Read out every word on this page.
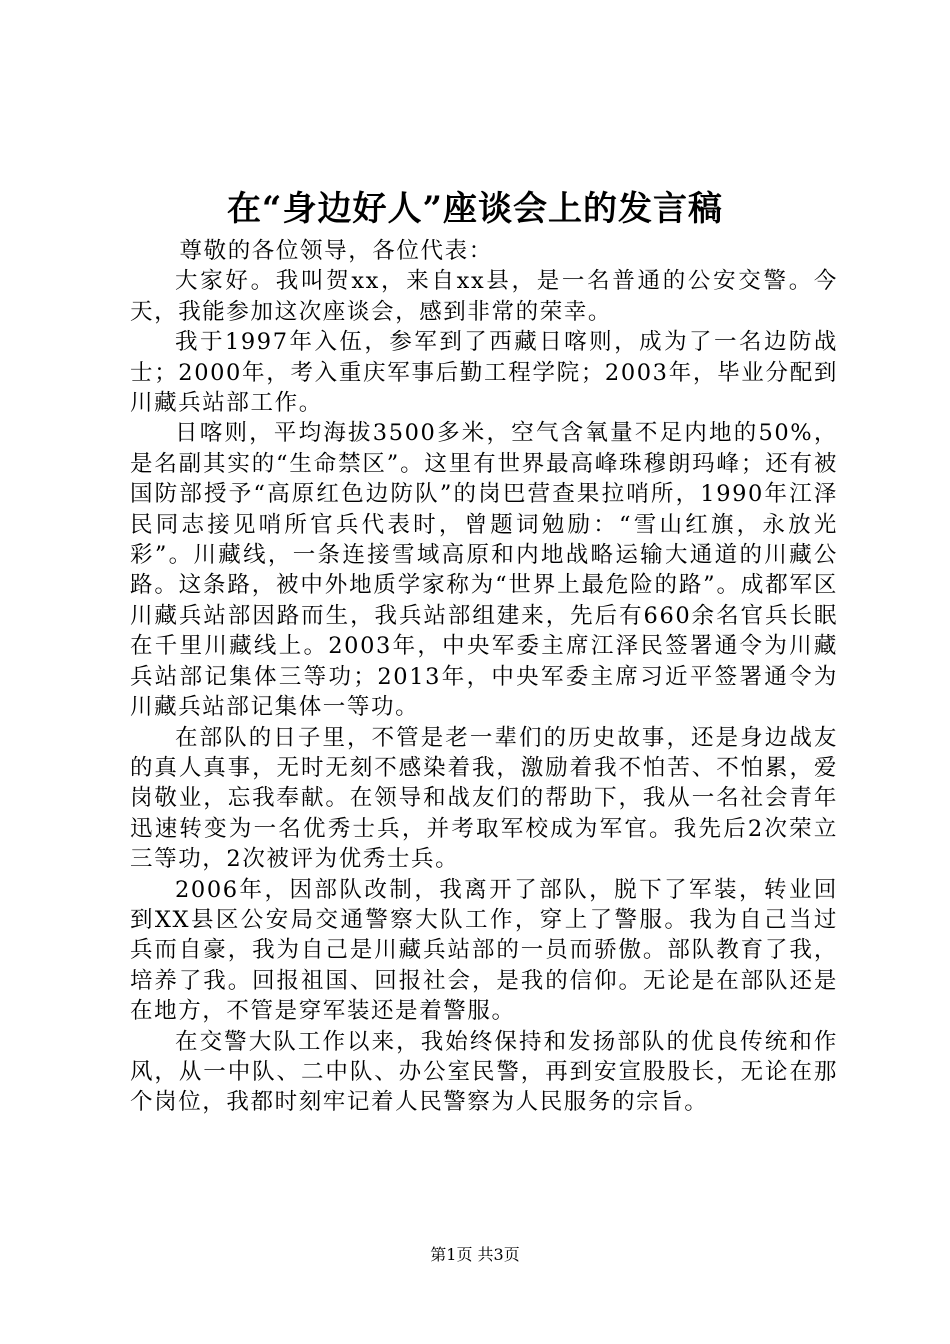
在“身边好人”座谈会上的发言稿

尊敬的各位领导，各位代表：

大家好。我叫贺xx，来自xx县，是一名普通的公安交警。今天，我能参加这次座谈会，感到非常的荣幸。

我于1997年入伍，参军到了西藏日喀则，成为了一名边防战士；2000年，考入重庆军事后勤工程学院；2003年，毕业分配到川藏兵站部工作。

日喀则，平均海拔3500多米，空气含氧量不足内地的50%，是名副其实的“生命禁区”。这里有世界最高峰珠穆朗玛峰；还有被国防部授予“高原红色边防队”的岗巴营查果拉哨所，1990年江泽民同志接见哨所官兵代表时，曾题词勉励：“雪山红旗，永放光彩”。川藏线，一条连接雪域高原和内地战略运输大通道的川藏公路。这条路，被中外地质学家称为“世界上最危险的路”。成都军区川藏兵站部因路而生，我兵站部组建来，先后有660余名官兵长眠在千里川藏线上。2003年，中央军委主席江泽民签署通令为川藏兵站部记集体三等功；2013年，中央军委主席习近平签署通令为川藏兵站部记集体一等功。

在部队的日子里，不管是老一辈们的历史故事，还是身边战友的真人真事，无时无刻不感染着我，激励着我不怕苦、不怕累，爱岗敬业，忘我奉献。在领导和战友们的帮助下，我从一名社会青年迅速转变为一名优秀士兵，并考取军校成为军官。我先后2次荣立三等功，2次被评为优秀士兵。

2006年，因部队改制，我离开了部队，脱下了军装，转业回到XX县区公安局交通警察大队工作，穿上了警服。我为自己当过兵而自豪，我为自己是川藏兵站部的一员而骄傲。部队教育了我，培养了我。回报祖国、回报社会，是我的信仰。无论是在部队还是在地方，不管是穿军装还是着警服。

在交警大队工作以来，我始终保持和发扬部队的优良传统和作风，从一中队、二中队、办公室民警，再到安宣股股长，无论在那个岗位，我都时刻牢记着人民警察为人民服务的宗旨。

第1页 共3页
